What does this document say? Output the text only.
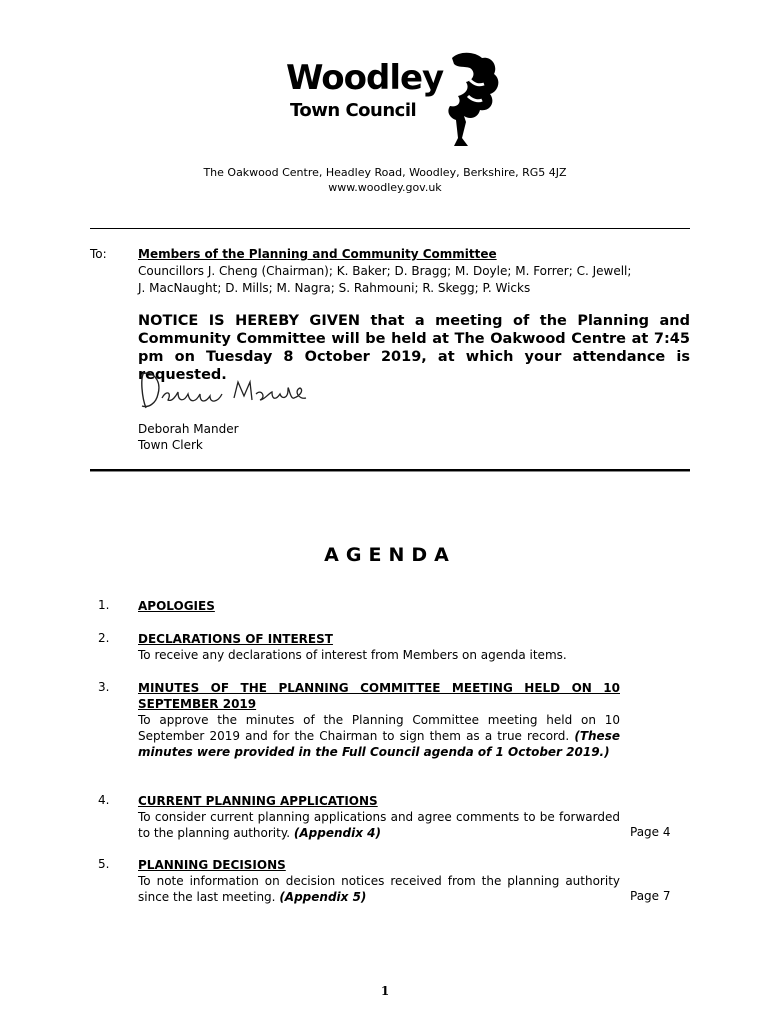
Woodley
Town Council
The Oakwood Centre, Headley Road, Woodley, Berkshire, RG5 4JZ
www.woodley.gov.uk
To:	Members of the Planning and Community Committee
Councillors J. Cheng (Chairman); K. Baker; D. Bragg; M. Doyle; M. Forrer; C. Jewell;
J. MacNaught; D. Mills; M. Nagra; S. Rahmouni; R. Skegg; P. Wicks
NOTICE IS HEREBY GIVEN that a meeting of the Planning and Community Committee will be held at The Oakwood Centre at 7:45 pm on Tuesday 8 October 2019, at which your attendance is requested.
Deborah Mander
Town Clerk
AGENDA
1. APOLOGIES
2. DECLARATIONS OF INTEREST
To receive any declarations of interest from Members on agenda items.
3. MINUTES OF THE PLANNING COMMITTEE MEETING HELD ON 10 SEPTEMBER 2019
To approve the minutes of the Planning Committee meeting held on 10 September 2019 and for the Chairman to sign them as a true record. (These minutes were provided in the Full Council agenda of 1 October 2019.)
4. CURRENT PLANNING APPLICATIONS
To consider current planning applications and agree comments to be forwarded to the planning authority. (Appendix 4)	Page 4
5. PLANNING DECISIONS
To note information on decision notices received from the planning authority since the last meeting. (Appendix 5)	Page 7
1
